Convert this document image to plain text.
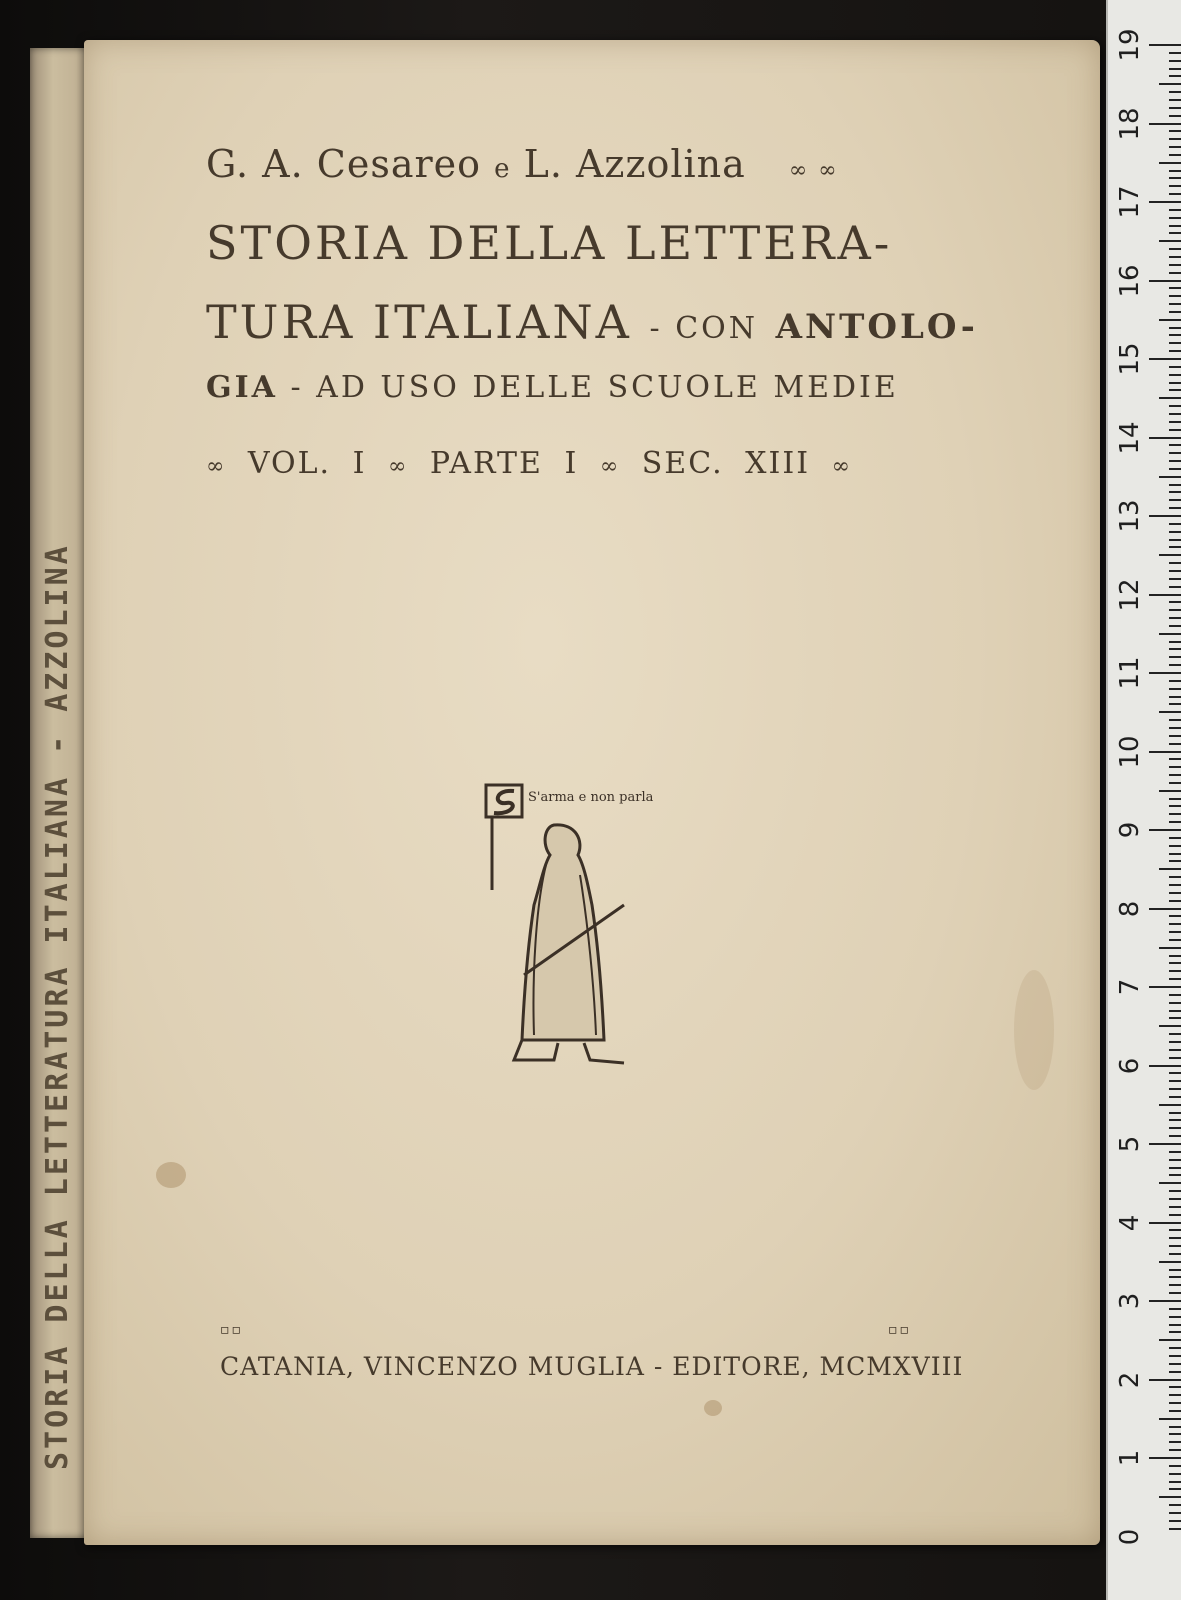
STORIA DELLA LETTERATURA ITALIANA - AZZOLINA
G. A. Cesareo e L. Azzolina ∞ ∞
STORIA DELLA LETTERA-
TURA ITALIANA - CON ANTOLO-
GIA - AD USO DELLE SCUOLE MEDIE
∞ VOL. I ∞ PARTE I ∞ SEC. XIII ∞
S'arma e non parla
▫▫	▫▫
CATANIA, VINCENZO MUGLIA - EDITORE, MCMXVIII
19
18
17
16
15
14
13
12
11
10
9
8
7
6
5
4
3
2
1
0
